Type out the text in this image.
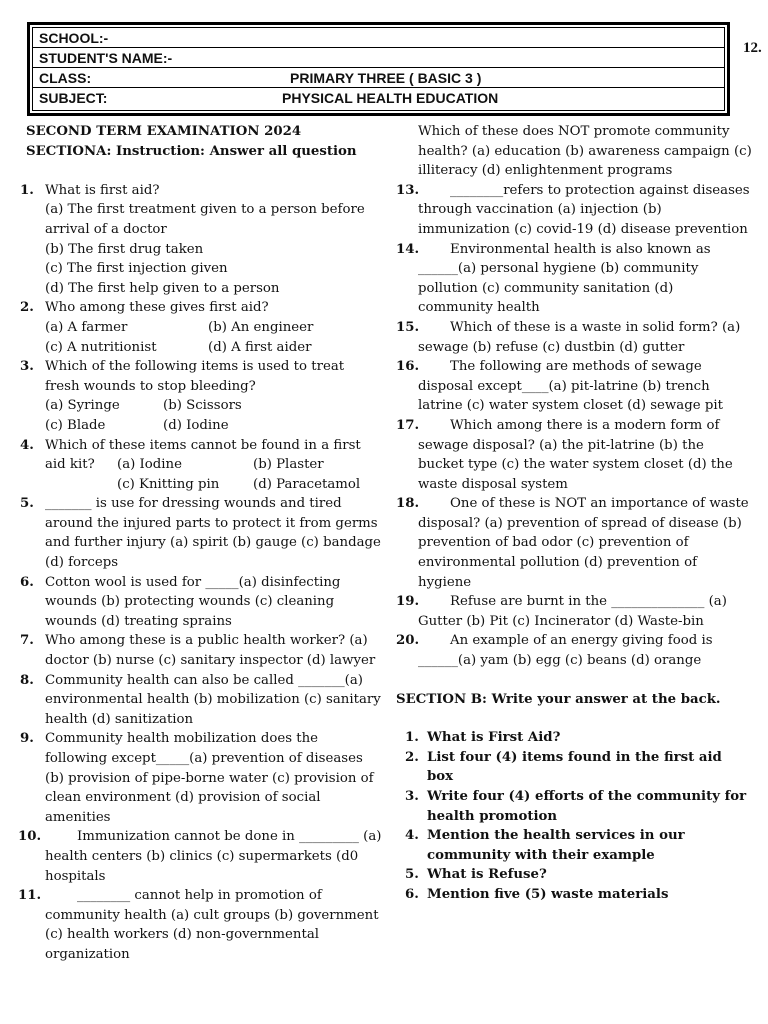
SCHOOL:-
STUDENT'S NAME:-
CLASS:	PRIMARY THREE ( BASIC 3 )
SUBJECT:	PHYSICAL HEALTH EDUCATION
12.
SECOND TERM EXAMINATION 2024
SECTIONA: Instruction: Answer all question
1. What is first aid?
(a) The first treatment given to a person before arrival of a doctor
(b) The first drug taken
(c) The first injection given
(d) The first help given to a person
2. Who among these gives first aid?
(a) A farmer	(b) An engineer
(c) A nutritionist	(d) A first aider
3. Which of the following items is used to treat fresh wounds to stop bleeding?
(a) Syringe	(b) Scissors
(c) Blade	(d) Iodine
4. Which of these items cannot be found in a first aid kit?	(a) Iodine	(b) Plaster
(c) Knitting pin	(d) Paracetamol
5. _______ is use for dressing wounds and tired around the injured parts to protect it from germs and further injury (a) spirit (b) gauge (c) bandage (d) forceps
6. Cotton wool is used for _____(a) disinfecting wounds (b) protecting wounds (c) cleaning wounds (d) treating sprains
7. Who among these is a public health worker? (a) doctor (b) nurse (c) sanitary inspector (d) lawyer
8. Community health can also be called _______(a) environmental health (b) mobilization (c) sanitary health (d) sanitization
9. Community health mobilization does the following except_____(a) prevention of diseases (b) provision of pipe-borne water (c) provision of clean environment (d) provision of social amenities
10.	Immunization cannot be done in _________ (a) health centers (b) clinics (c) supermarkets (d0 hospitals
11.	________ cannot help in promotion of community health (a) cult groups (b) government (c) health workers (d) non-governmental organization
Which of these does NOT promote community health? (a) education (b) awareness campaign (c) illiteracy (d) enlightenment programs
13.	________refers to protection against diseases through vaccination (a) injection (b) immunization (c) covid-19 (d) disease prevention
14.	Environmental health is also known as ______(a) personal hygiene (b) community pollution (c) community sanitation (d) community health
15.	Which of these is a waste in solid form? (a) sewage (b) refuse (c) dustbin (d) gutter
16.	The following are methods of sewage disposal except____(a) pit-latrine (b) trench latrine (c) water system closet (d) sewage pit
17.	Which among there is a modern form of sewage disposal? (a) the pit-latrine (b) the bucket type (c) the water system closet (d) the waste disposal system
18.	One of these is NOT an importance of waste disposal? (a) prevention of spread of disease (b) prevention of bad odor (c) prevention of environmental pollution (d) prevention of hygiene
19.	Refuse are burnt in the ______________ (a) Gutter (b) Pit (c) Incinerator (d) Waste-bin
20.	An example of an energy giving food is ______(a) yam (b) egg (c) beans (d) orange
SECTION B: Write your answer at the back.
1. What is First Aid?
2. List four (4) items found in the first aid box
3. Write four (4) efforts of the community for health promotion
4. Mention the health services in our community with their example
5. What is Refuse?
6. Mention five (5) waste materials
